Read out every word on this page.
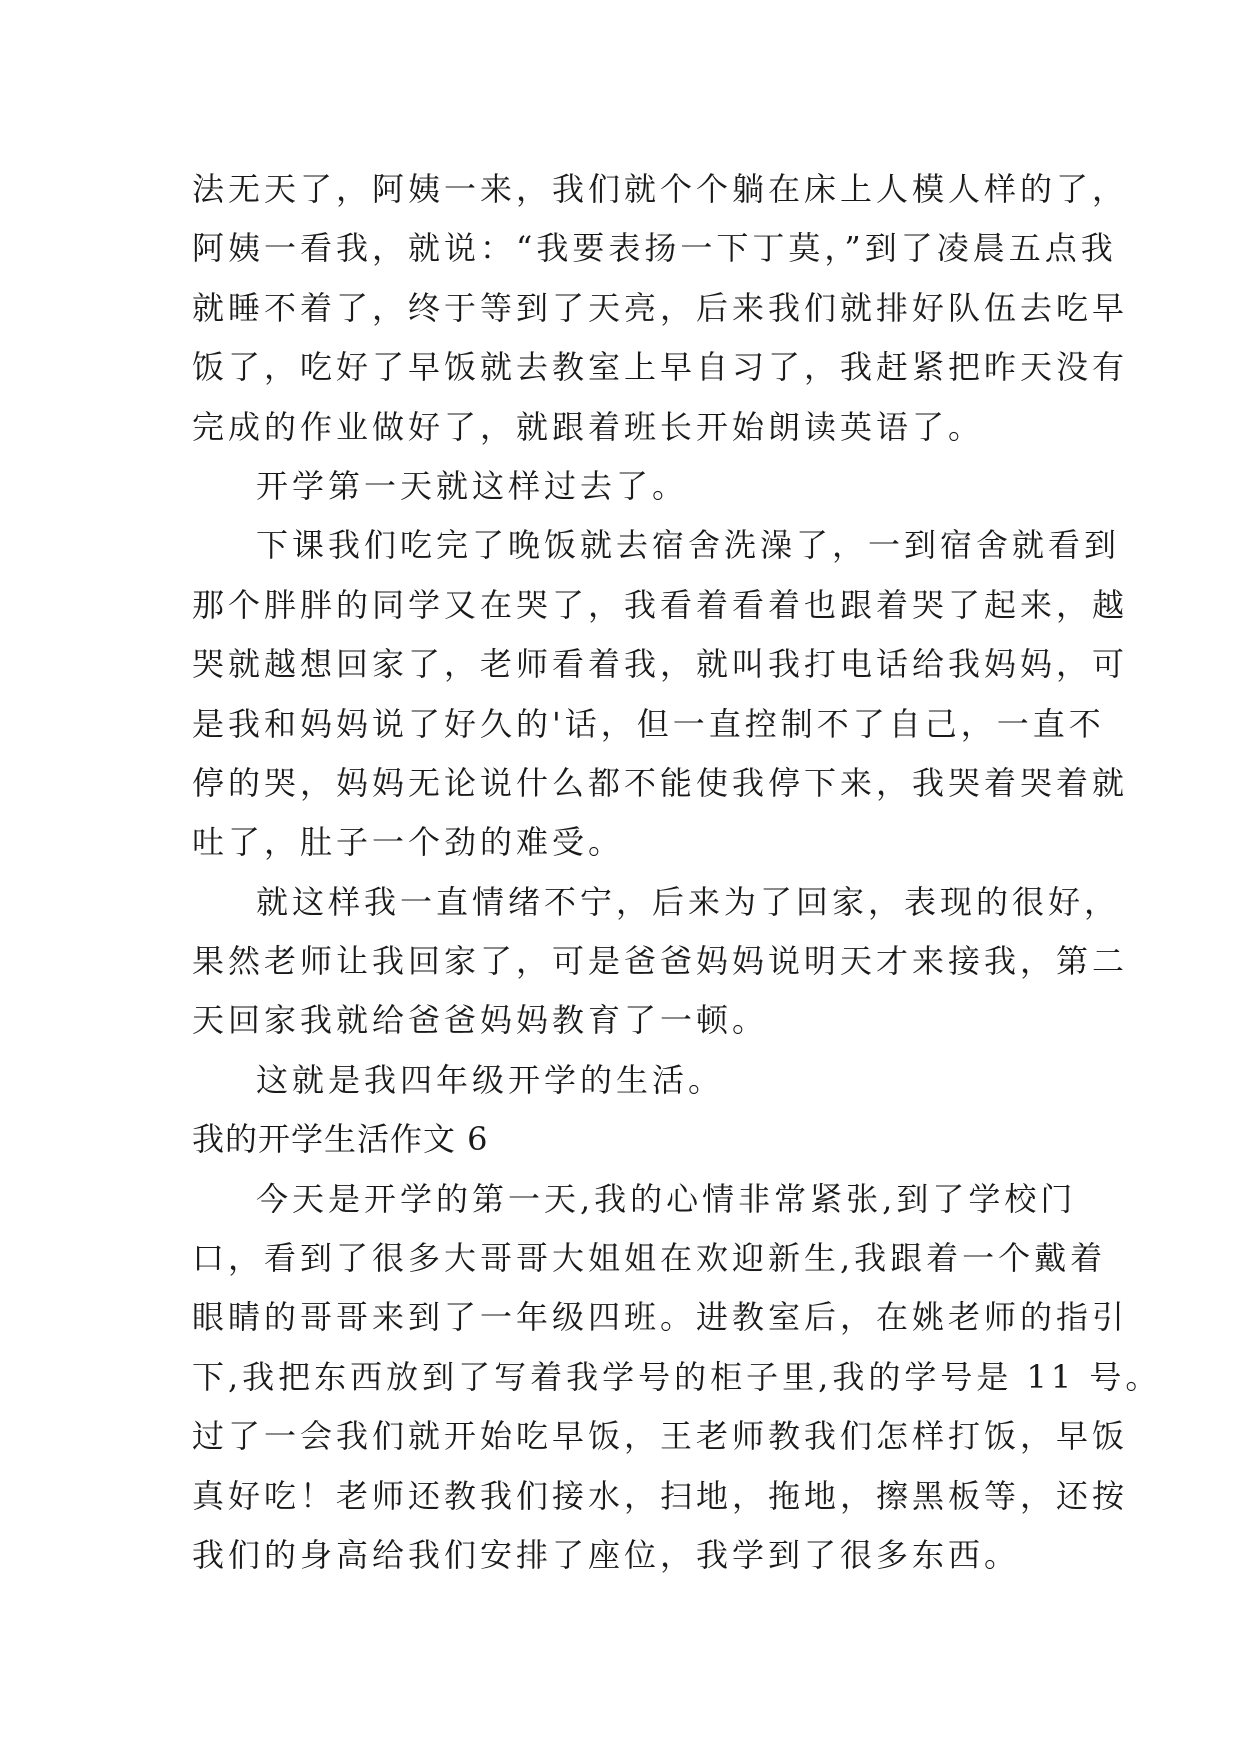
法无天了，阿姨一来，我们就个个躺在床上人模人样的了，
阿姨一看我，就说：“我要表扬一下丁莫，”到了凌晨五点我
就睡不着了，终于等到了天亮，后来我们就排好队伍去吃早
饭了，吃好了早饭就去教室上早自习了，我赶紧把昨天没有
完成的作业做好了，就跟着班长开始朗读英语了。
开学第一天就这样过去了。
下课我们吃完了晚饭就去宿舍洗澡了，一到宿舍就看到
那个胖胖的同学又在哭了，我看着看着也跟着哭了起来，越
哭就越想回家了，老师看着我，就叫我打电话给我妈妈，可
是我和妈妈说了好久的'话，但一直控制不了自己，一直不
停的哭，妈妈无论说什么都不能使我停下来，我哭着哭着就
吐了，肚子一个劲的难受。
就这样我一直情绪不宁，后来为了回家，表现的很好，
果然老师让我回家了，可是爸爸妈妈说明天才来接我，第二
天回家我就给爸爸妈妈教育了一顿。
这就是我四年级开学的生活。
我的开学生活作文 6
今天是开学的第一天,我的心情非常紧张,到了学校门
口，看到了很多大哥哥大姐姐在欢迎新生,我跟着一个戴着
眼睛的哥哥来到了一年级四班。进教室后，在姚老师的指引
下,我把东西放到了写着我学号的柜子里,我的学号是 11 号。
过了一会我们就开始吃早饭，王老师教我们怎样打饭，早饭
真好吃！老师还教我们接水，扫地，拖地，擦黑板等，还按
我们的身高给我们安排了座位，我学到了很多东西。
